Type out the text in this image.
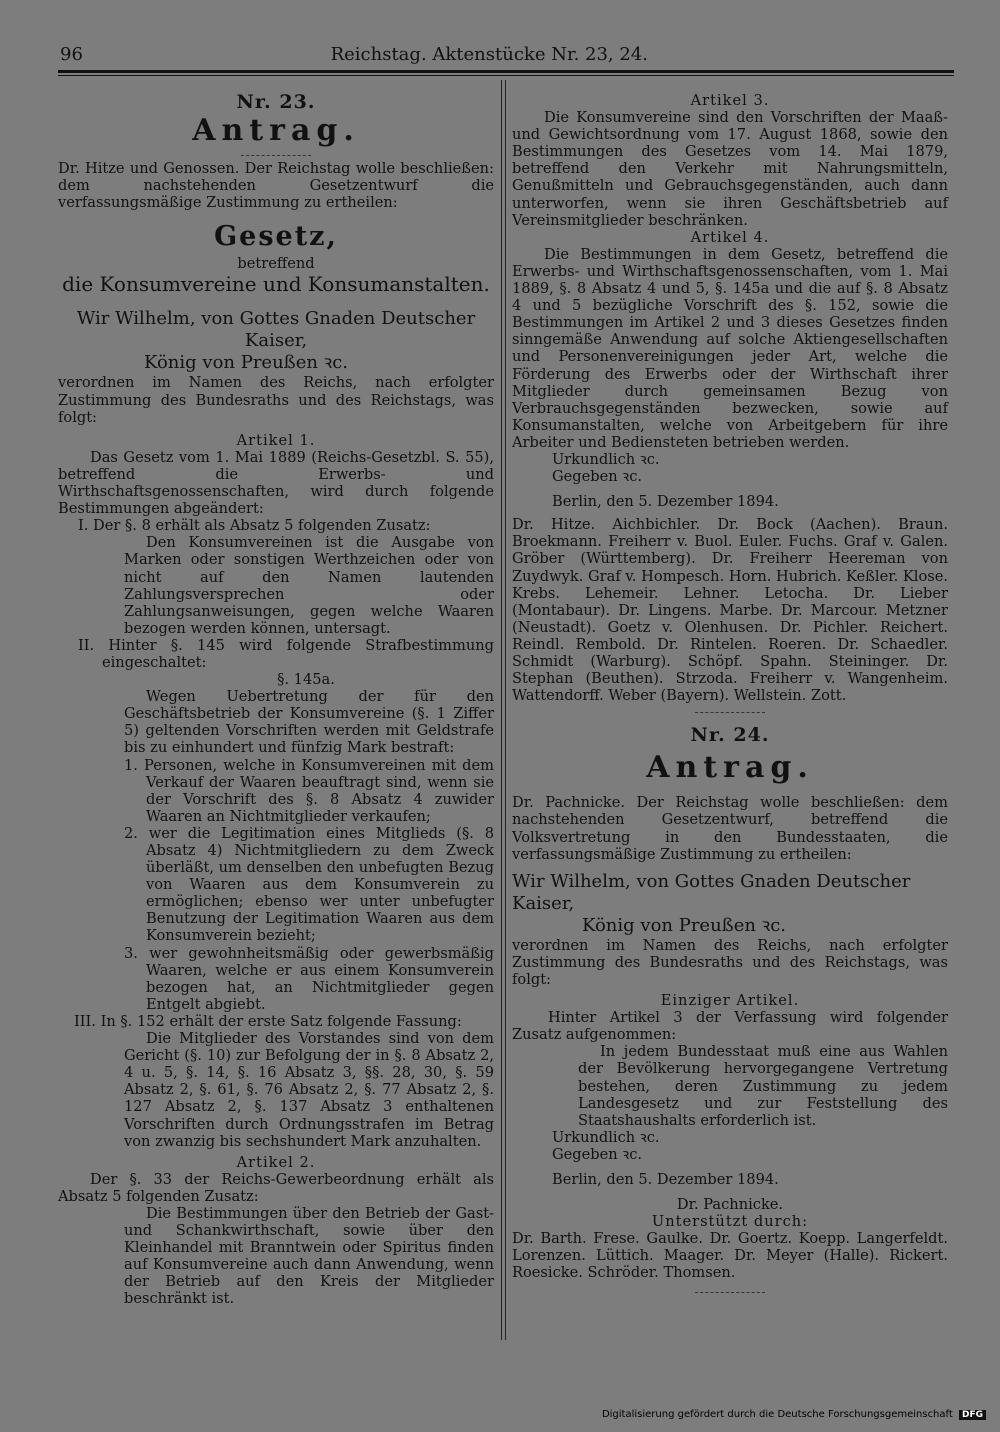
96	Reichstag. Aktenstücke Nr. 23, 24.

Nr. 23.

Antrag.

Dr. Hitze und Genossen. Der Reichstag wolle beschließen: dem nachstehenden Gesetzentwurf die verfassungsmäßige Zustimmung zu ertheilen:

Gesetz,

betreffend

die Konsumvereine und Konsumanstalten.

Wir Wilhelm, von Gottes Gnaden Deutscher Kaiser,

König von Preußen ꝛc.

verordnen im Namen des Reichs, nach erfolgter Zustimmung des Bundesraths und des Reichstags, was folgt:

Artikel 1.

Das Gesetz vom 1. Mai 1889 (Reichs-Gesetzbl. S. 55), betreffend die Erwerbs- und Wirthschaftsgenossenschaften, wird durch folgende Bestimmungen abgeändert:

I. Der §. 8 erhält als Absatz 5 folgenden Zusatz:

Den Konsumvereinen ist die Ausgabe von Marken oder sonstigen Werthzeichen oder von nicht auf den Namen lautenden Zahlungsversprechen oder Zahlungsanweisungen, gegen welche Waaren bezogen werden können, untersagt.

II. Hinter §. 145 wird folgende Strafbestimmung eingeschaltet:

§. 145a.

Wegen Uebertretung der für den Geschäftsbetrieb der Konsumvereine (§. 1 Ziffer 5) geltenden Vorschriften werden mit Geldstrafe bis zu einhundert und fünfzig Mark bestraft:

1. Personen, welche in Konsumvereinen mit dem Verkauf der Waaren beauftragt sind, wenn sie der Vorschrift des §. 8 Absatz 4 zuwider Waaren an Nichtmitglieder verkaufen;

2. wer die Legitimation eines Mitglieds (§. 8 Absatz 4) Nichtmitgliedern zu dem Zweck überläßt, um denselben den unbefugten Bezug von Waaren aus dem Konsumverein zu ermöglichen; ebenso wer unter unbefugter Benutzung der Legitimation Waaren aus dem Konsumverein bezieht;

3. wer gewohnheitsmäßig oder gewerbsmäßig Waaren, welche er aus einem Konsumverein bezogen hat, an Nichtmitglieder gegen Entgelt abgiebt.

III. In §. 152 erhält der erste Satz folgende Fassung:

Die Mitglieder des Vorstandes sind von dem Gericht (§. 10) zur Befolgung der in §. 8 Absatz 2, 4 u. 5, §. 14, §. 16 Absatz 3, §§. 28, 30, §. 59 Absatz 2, §. 61, §. 76 Absatz 2, §. 77 Absatz 2, §. 127 Absatz 2, §. 137 Absatz 3 enthaltenen Vorschriften durch Ordnungsstrafen im Betrag von zwanzig bis sechshundert Mark anzuhalten.

Artikel 2.

Der §. 33 der Reichs-Gewerbeordnung erhält als Absatz 5 folgenden Zusatz:

Die Bestimmungen über den Betrieb der Gast- und Schankwirthschaft, sowie über den Kleinhandel mit Branntwein oder Spiritus finden auf Konsumvereine auch dann Anwendung, wenn der Betrieb auf den Kreis der Mitglieder beschränkt ist.

Artikel 3.

Die Konsumvereine sind den Vorschriften der Maaß- und Gewichtsordnung vom 17. August 1868, sowie den Bestimmungen des Gesetzes vom 14. Mai 1879, betreffend den Verkehr mit Nahrungsmitteln, Genußmitteln und Gebrauchsgegenständen, auch dann unterworfen, wenn sie ihren Geschäftsbetrieb auf Vereinsmitglieder beschränken.

Artikel 4.

Die Bestimmungen in dem Gesetz, betreffend die Erwerbs- und Wirthschaftsgenossenschaften, vom 1. Mai 1889, §. 8 Absatz 4 und 5, §. 145a und die auf §. 8 Absatz 4 und 5 bezügliche Vorschrift des §. 152, sowie die Bestimmungen im Artikel 2 und 3 dieses Gesetzes finden sinngemäße Anwendung auf solche Aktiengesellschaften und Personenvereinigungen jeder Art, welche die Förderung des Erwerbs oder der Wirthschaft ihrer Mitglieder durch gemeinsamen Bezug von Verbrauchsgegenständen bezwecken, sowie auf Konsumanstalten, welche von Arbeitgebern für ihre Arbeiter und Bediensteten betrieben werden.

Urkundlich ꝛc.

Gegeben ꝛc.

Berlin, den 5. Dezember 1894.

Dr. Hitze. Aichbichler. Dr. Bock (Aachen). Braun. Broekmann. Freiherr v. Buol. Euler. Fuchs. Graf v. Galen. Gröber (Württemberg). Dr. Freiherr Heereman von Zuydwyk. Graf v. Hompesch. Horn. Hubrich. Keßler. Klose. Krebs. Lehemeir. Lehner. Letocha. Dr. Lieber (Montabaur). Dr. Lingens. Marbe. Dr. Marcour. Metzner (Neustadt). Goetz v. Olenhusen. Dr. Pichler. Reichert. Reindl. Rembold. Dr. Rintelen. Roeren. Dr. Schaedler. Schmidt (Warburg). Schöpf. Spahn. Steininger. Dr. Stephan (Beuthen). Strzoda. Freiherr v. Wangenheim. Wattendorff. Weber (Bayern). Wellstein. Zott.

Nr. 24.

Antrag.

Dr. Pachnicke. Der Reichstag wolle beschließen: dem nachstehenden Gesetzentwurf, betreffend die Volksvertretung in den Bundesstaaten, die verfassungsmäßige Zustimmung zu ertheilen:

Wir Wilhelm, von Gottes Gnaden Deutscher Kaiser,

König von Preußen ꝛc.

verordnen im Namen des Reichs, nach erfolgter Zustimmung des Bundesraths und des Reichstags, was folgt:

Einziger Artikel.

Hinter Artikel 3 der Verfassung wird folgender Zusatz aufgenommen:

In jedem Bundesstaat muß eine aus Wahlen der Bevölkerung hervorgegangene Vertretung bestehen, deren Zustimmung zu jedem Landesgesetz und zur Feststellung des Staatshaushalts erforderlich ist.

Urkundlich ꝛc.

Gegeben ꝛc.

Berlin, den 5. Dezember 1894.

Dr. Pachnicke.

Unterstützt durch:

Dr. Barth. Frese. Gaulke. Dr. Goertz. Koepp. Langerfeldt. Lorenzen. Lüttich. Maager. Dr. Meyer (Halle). Rickert. Roesicke. Schröder. Thomsen.

Digitalisierung gefördert durch die Deutsche Forschungsgemeinschaft DFG
